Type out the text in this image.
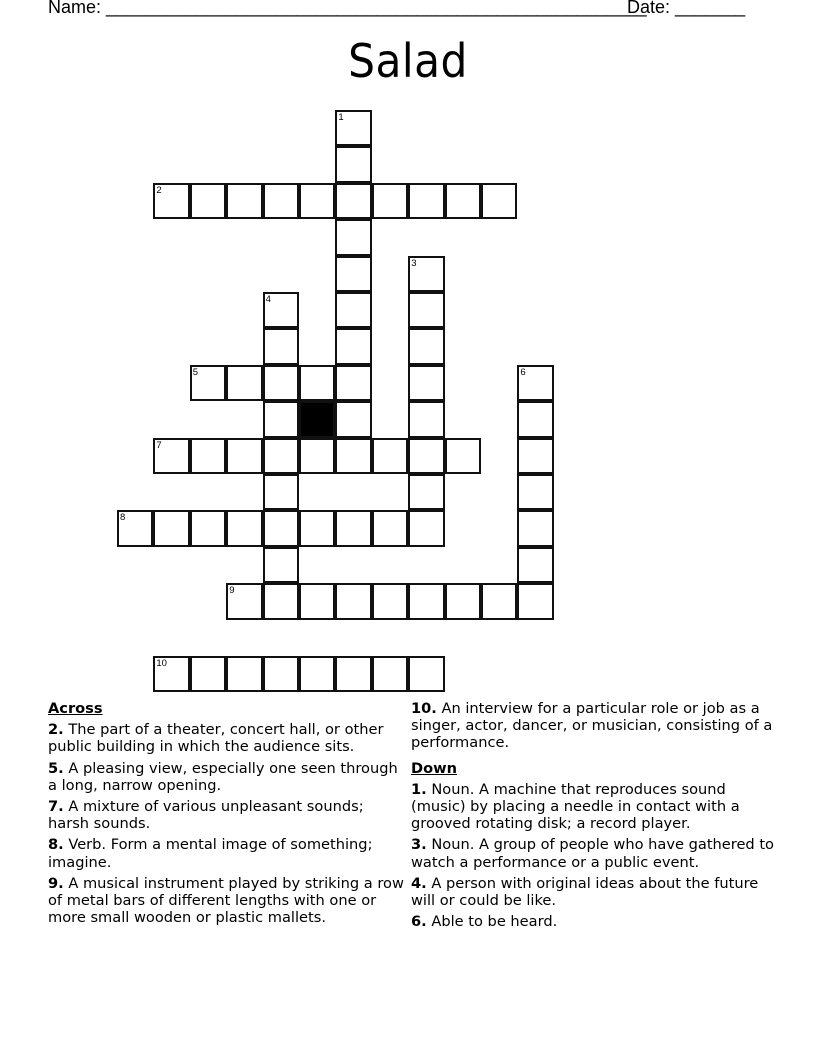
Name: ______________________________________________________
Date: _______
Salad
1
2
3
4
5	6
7
8
9
10
Across
2. The part of a theater, concert hall, or other public building in which the audience sits.
5. A pleasing view, especially one seen through a long, narrow opening.
7. A mixture of various unpleasant sounds; harsh sounds.
8. Verb. Form a mental image of something; imagine.
9. A musical instrument played by striking a row of metal bars of different lengths with one or more small wooden or plastic mallets.
10. An interview for a particular role or job as a singer, actor, dancer, or musician, consisting of a performance.
Down
1. Noun. A machine that reproduces sound (music) by placing a needle in contact with a grooved rotating disk; a record player.
3. Noun. A group of people who have gathered to watch a performance or a public event.
4. A person with original ideas about the future will or could be like.
6. Able to be heard.
